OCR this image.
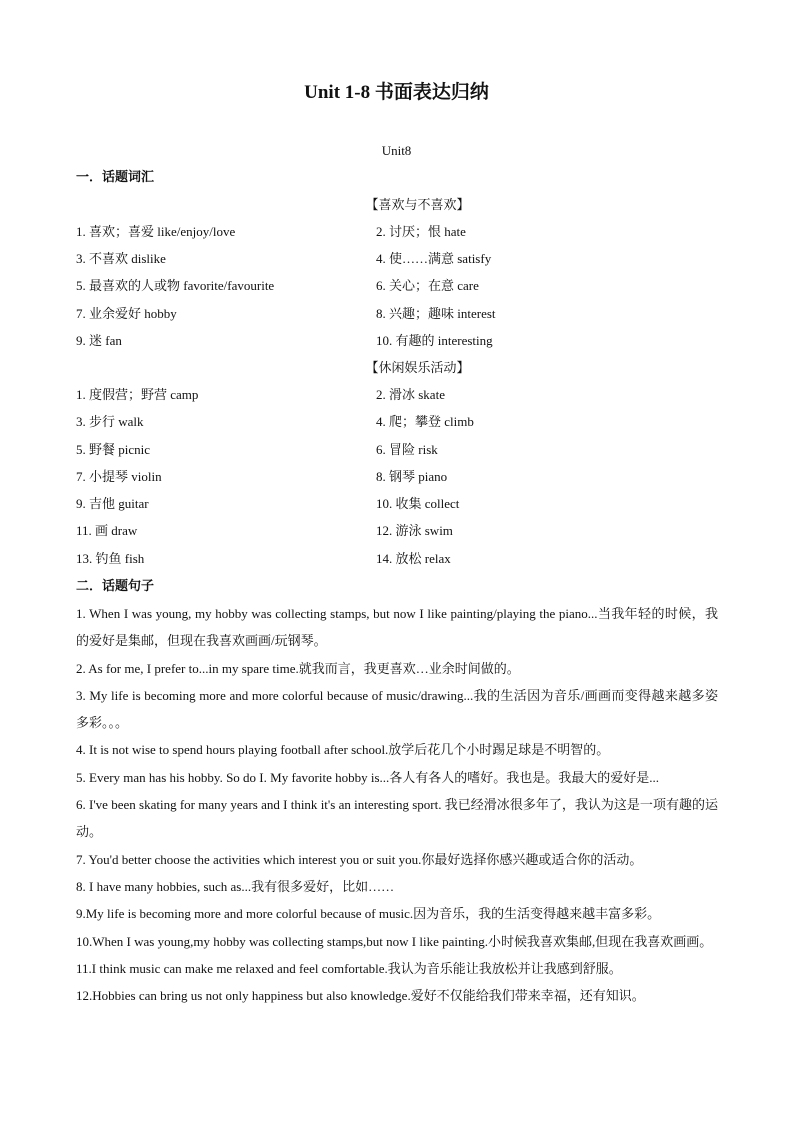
Unit 1-8 书面表达归纳
Unit8
一．话题词汇
【喜欢与不喜欢】
1. 喜欢；喜爱 like/enjoy/love	2. 讨厌；恨 hate
3. 不喜欢 dislike	4. 使……满意 satisfy
5. 最喜欢的人或物 favorite/favourite	6. 关心；在意 care
7. 业余爱好 hobby	8. 兴趣；趣味 interest
9. 迷 fan	10. 有趣的 interesting
【休闲娱乐活动】
1. 度假营；野营 camp	2. 滑冰 skate
3. 步行 walk	4. 爬；攀登 climb
5. 野餐 picnic	6. 冒险 risk
7. 小提琴 violin	8. 钢琴 piano
9. 吉他 guitar	10. 收集 collect
11. 画 draw	12. 游泳 swim
13. 钓鱼 fish	14. 放松 relax
二．话题句子

1. When I was young, my hobby was collecting stamps, but now I like painting/playing the piano...当我年轻的时候，我的爱好是集邮，但现在我喜欢画画/玩钢琴。

2. As for me, I prefer to...in my spare time.就我而言，我更喜欢…业余时间做的。

3. My life is becoming more and more colorful because of music/drawing...我的生活因为音乐/画画而变得越来越多姿多彩。。。

4. It is not wise to spend hours playing football after school.放学后花几个小时踢足球是不明智的。

5. Every man has his hobby. So do I. My favorite hobby is...各人有各人的嗜好。我也是。我最大的爱好是...

6. I've been skating for many years and I think it's an interesting sport. 我已经滑冰很多年了，我认为这是一项有趣的运动。

7. You'd better choose the activities which interest you or suit you.你最好选择你感兴趣或适合你的活动。

8. I have many hobbies, such as...我有很多爱好，比如……

9.My life is becoming more and more colorful because of music.因为音乐，我的生活变得越来越丰富多彩。

10.When I was young,my hobby was collecting stamps,but now I like painting.小时候我喜欢集邮,但现在我喜欢画画。

11.I think music can make me relaxed and feel comfortable.我认为音乐能让我放松并让我感到舒服。

12.Hobbies can bring us not only happiness but also knowledge.爱好不仅能给我们带来幸福，还有知识。
